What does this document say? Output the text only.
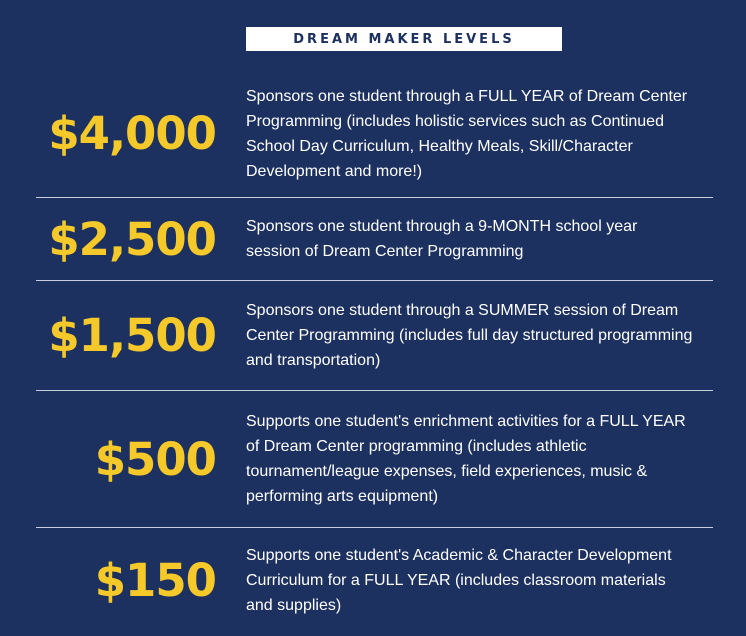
DREAM MAKER LEVELS
$4,000
Sponsors one student through a FULL YEAR of Dream Center Programming (includes holistic services such as Continued School Day Curriculum, Healthy Meals, Skill/Character Development and more!)
$2,500 Sponsors one student through a 9-MONTH school year session of Dream Center Programming
$1,500 Sponsors one student through a SUMMER session of Dream Center Programming (includes full day structured programming and transportation)
$500
Supports one student's enrichment activities for a FULL YEAR of Dream Center programming (includes athletic tournament/league expenses, field experiences, music & performing arts equipment)
$150 Supports one student's Academic & Character Development Curriculum for a FULL YEAR (includes classroom materials and supplies)
